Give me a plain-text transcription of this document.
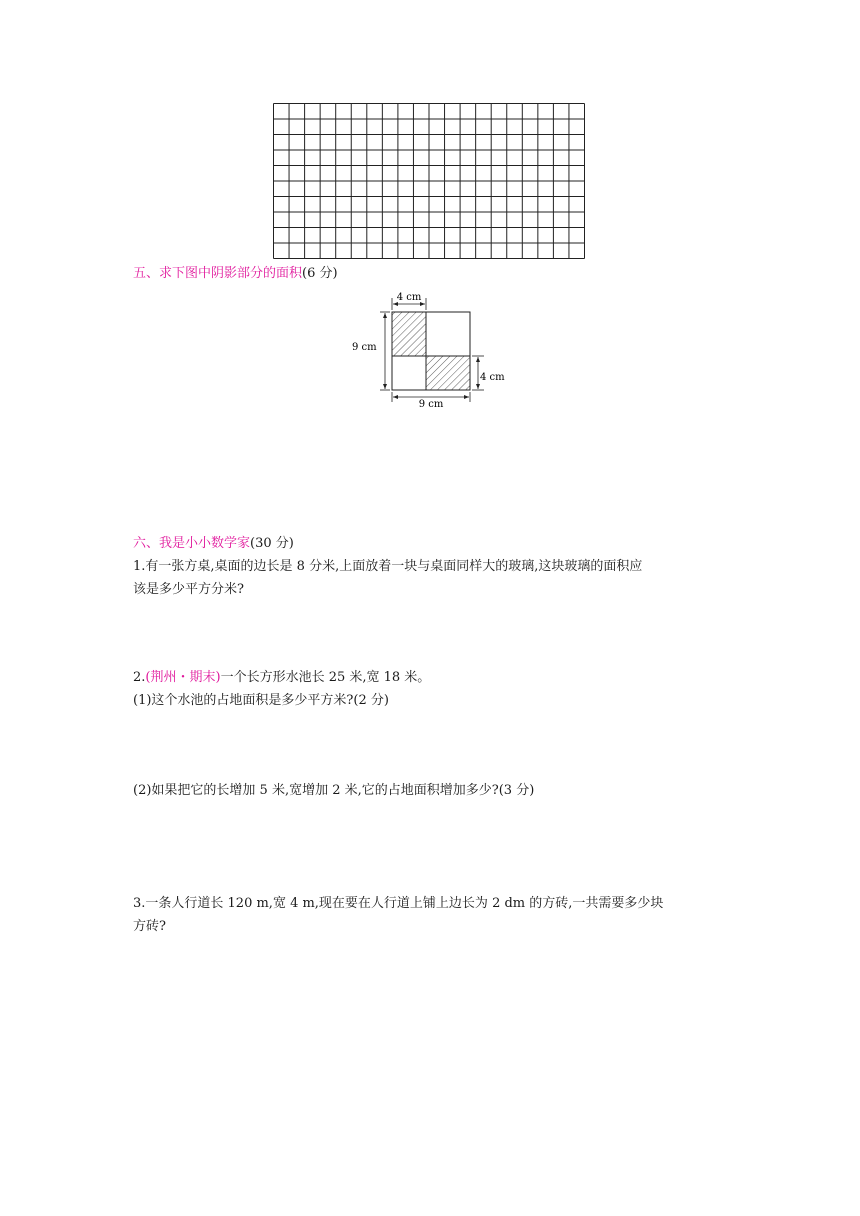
五、求下图中阴影部分的面积(6 分)
4 cm
9 cm
4 cm
9 cm
六、我是小小数学家(30 分)
1.有一张方桌,桌面的边长是 8 分米,上面放着一块与桌面同样大的玻璃,这块玻璃的面积应
该是多少平方分米?
2.(荆州・期末)一个长方形水池长 25 米,宽 18 米。
(1)这个水池的占地面积是多少平方米?(2 分)
(2)如果把它的长增加 5 米,宽增加 2 米,它的占地面积增加多少?(3 分)
3.一条人行道长 120 m,宽 4 m,现在要在人行道上铺上边长为 2 dm 的方砖,一共需要多少块
方砖?
